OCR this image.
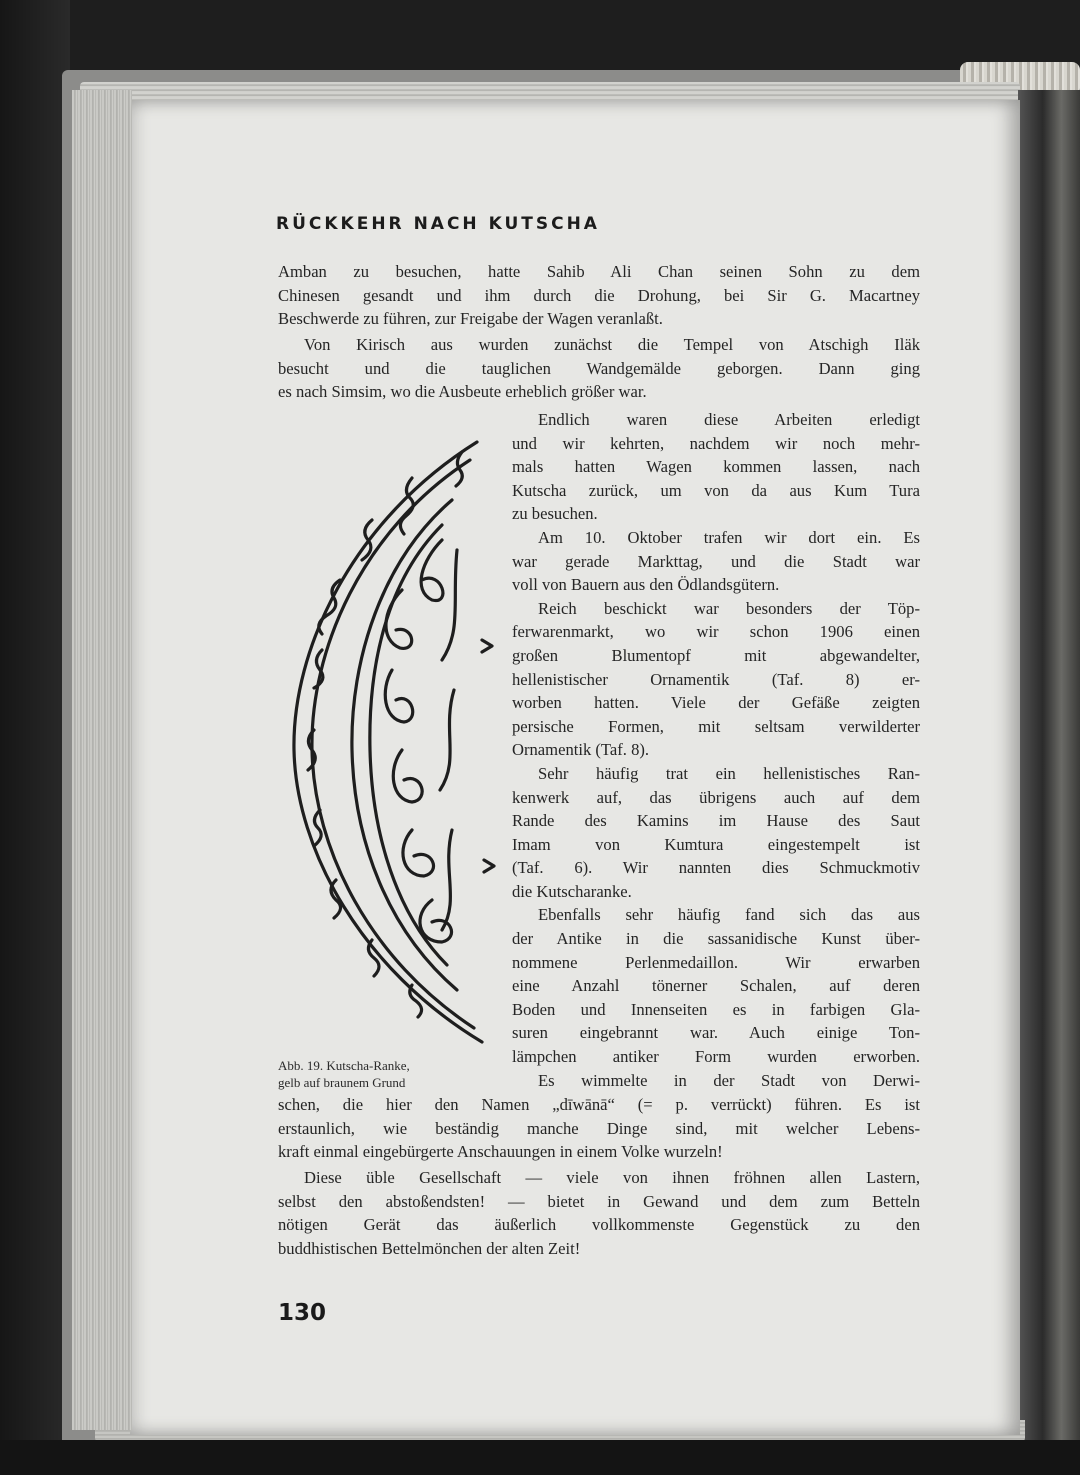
RÜCKKEHR NACH KUTSCHA
Amban zu besuchen, hatte Sahib Ali Chan seinen Sohn zu dem
Chinesen gesandt und ihm durch die Drohung, bei Sir G. Macartney
Beschwerde zu führen, zur Freigabe der Wagen veranlaßt.
Von Kirisch aus wurden zunächst die Tempel von Atschigh Iläk
besucht und die tauglichen Wandgemälde geborgen. Dann ging
es nach Simsim, wo die Ausbeute erheblich größer war.
Endlich waren diese Arbeiten erledigt
und wir kehrten, nachdem wir noch mehr-
mals hatten Wagen kommen lassen, nach
Kutscha zurück, um von da aus Kum Tura
zu besuchen.
Am 10. Oktober trafen wir dort ein. Es
war gerade Markttag, und die Stadt war
voll von Bauern aus den Ödlandsgütern.
Reich beschickt war besonders der Töp-
ferwarenmarkt, wo wir schon 1906 einen
großen Blumentopf mit abgewandelter,
hellenistischer Ornamentik (Taf. 8) er-
worben hatten. Viele der Gefäße zeigten
persische Formen, mit seltsam verwilderter
Ornamentik (Taf. 8).
Sehr häufig trat ein hellenistisches Ran-
kenwerk auf, das übrigens auch auf dem
Rande des Kamins im Hause des Saut
Imam von Kumtura eingestempelt ist
(Taf. 6). Wir nannten dies Schmuckmotiv
die Kutscharanke.
Ebenfalls sehr häufig fand sich das aus
der Antike in die sassanidische Kunst über-
nommene Perlenmedaillon. Wir erwarben
eine Anzahl tönerner Schalen, auf deren
Boden und Innenseiten es in farbigen Gla-
suren eingebrannt war. Auch einige Ton-
lämpchen antiker Form wurden erworben.
Es wimmelte in der Stadt von Derwi-
schen, die hier den Namen „dīwānā“ (= p. verrückt) führen. Es ist
erstaunlich, wie beständig manche Dinge sind, mit welcher Lebens-
kraft einmal eingebürgerte Anschauungen in einem Volke wurzeln!
Diese üble Gesellschaft — viele von ihnen fröhnen allen Lastern,
selbst den abstoßendsten! — bietet in Gewand und dem zum Betteln
nötigen Gerät das äußerlich vollkommenste Gegenstück zu den
buddhistischen Bettelmönchen der alten Zeit!
Abb. 19. Kutscha-Ranke,
gelb auf braunem Grund
130
